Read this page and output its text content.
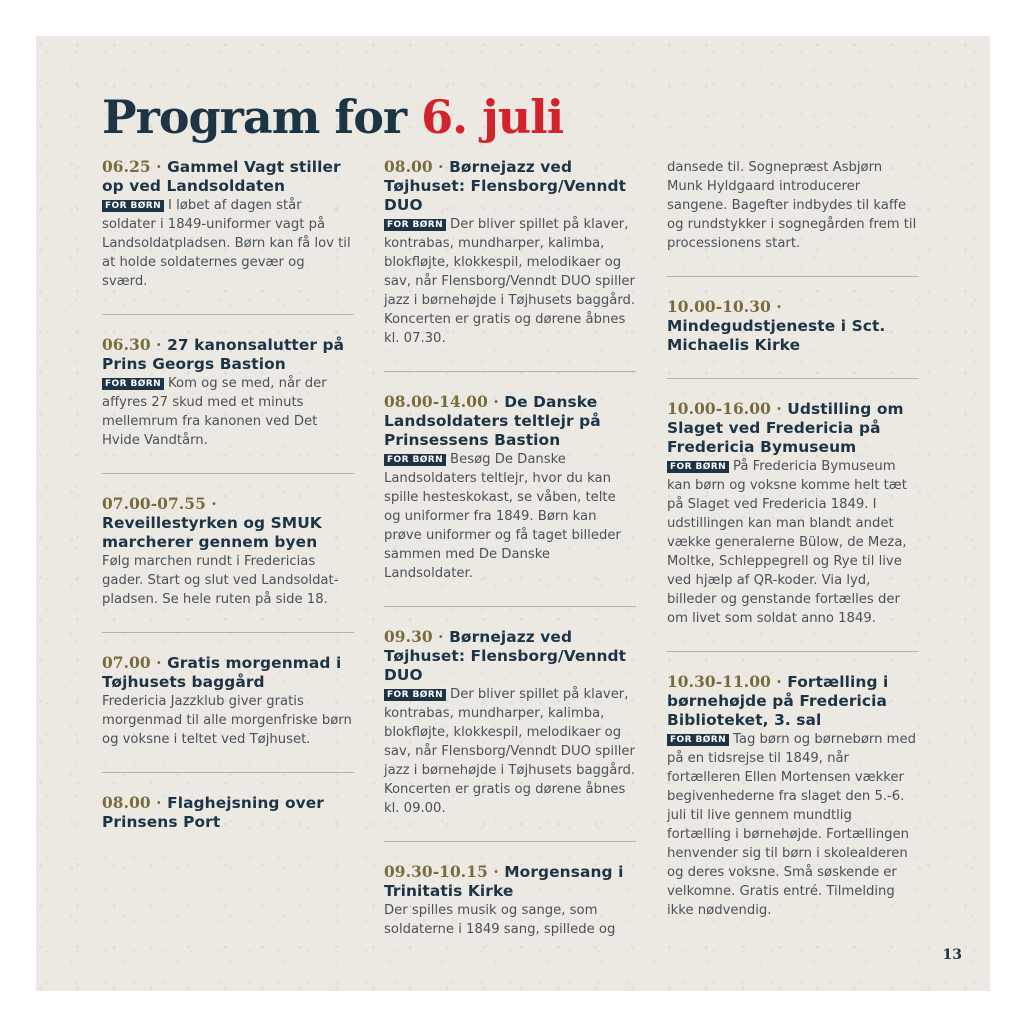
Program for 6. juli
06.25 · Gammel Vagt stiller op ved Landsoldaten

FOR BØRN I løbet af dagen står soldater i 1849-uniformer vagt på Landsoldatpladsen. Børn kan få lov til at holde soldaternes gevær og sværd.

06.30 · 27 kanonsalutter på Prins Georgs Bastion

FOR BØRN Kom og se med, når der affyres 27 skud med et minuts mellemrum fra kanonen ved Det Hvide Vandtårn.

07.00-07.55 · Reveillestyrken og SMUK marcherer gennem byen

Følg marchen rundt i Fredericias gader. Start og slut ved Landsoldat-pladsen. Se hele ruten på side 18.

07.00 · Gratis morgenmad i Tøjhusets baggård

Fredericia Jazzklub giver gratis morgenmad til alle morgenfriske børn og voksne i teltet ved Tøjhuset.

08.00 · Flaghejsning over Prinsens Port
08.00 · Børnejazz ved Tøjhuset: Flensborg/Venndt DUO

FOR BØRN Der bliver spillet på klaver, kontrabas, mundharper, kalimba, blokfløjte, klokkespil, melodikaer og sav, når Flensborg/Venndt DUO spiller jazz i børnehøjde i Tøjhusets baggård. Koncerten er gratis og dørene åbnes kl. 07.30.

08.00-14.00 · De Danske Landsoldaters teltlejr på Prinsessens Bastion

FOR BØRN Besøg De Danske Landsoldaters teltlejr, hvor du kan spille hesteskokast, se våben, telte og uniformer fra 1849. Børn kan prøve uniformer og få taget billeder sammen med De Danske Landsoldater.

09.30 · Børnejazz ved Tøjhuset: Flensborg/Venndt DUO

FOR BØRN Der bliver spillet på klaver, kontrabas, mundharper, kalimba, blokfløjte, klokkespil, melodikaer og sav, når Flensborg/Venndt DUO spiller jazz i børnehøjde i Tøjhusets baggård. Koncerten er gratis og dørene åbnes kl. 09.00.

09.30-10.15 · Morgensang i Trinitatis Kirke

Der spilles musik og sange, som soldaterne i 1849 sang, spillede og

dansede til. Sognepræst Asbjørn Munk Hyldgaard introducerer sangene. Bagefter indbydes til kaffe og rundstykker i sognegården frem til processionens start.

10.00-10.30 · Mindegudstjeneste i Sct. Michaelis Kirke
10.00-16.00 · Udstilling om Slaget ved Fredericia på Fredericia Bymuseum

FOR BØRN På Fredericia Bymuseum kan børn og voksne komme helt tæt på Slaget ved Fredericia 1849. I udstillingen kan man blandt andet vække generalerne Bülow, de Meza, Moltke, Schleppegrell og Rye til live ved hjælp af QR-koder. Via lyd, billeder og genstande fortælles der om livet som soldat anno 1849.

10.30-11.00 · Fortælling i børnehøjde på Fredericia Biblioteket, 3. sal

FOR BØRN Tag børn og børnebørn med på en tidsrejse til 1849, når fortælleren Ellen Mortensen vækker begivenhederne fra slaget den 5.-6. juli til live gennem mundtlig fortælling i børnehøjde. Fortællingen henvender sig til børn i skolealderen og deres voksne. Små søskende er velkomne. Gratis entré. Tilmelding ikke nødvendig.

13
